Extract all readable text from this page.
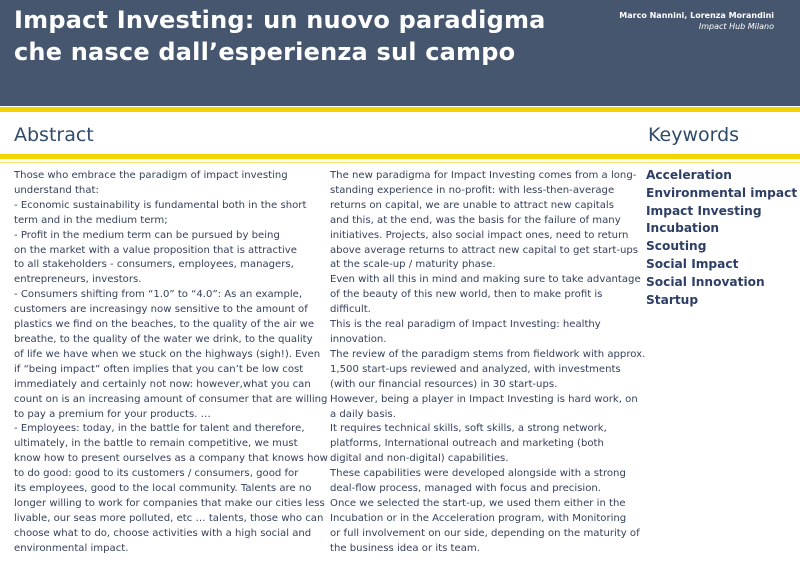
Impact Investing: un nuovo paradigma
che nasce dall’esperienza sul campo
Marco Nannini, Lorenza Morandini
Impact Hub Milano
Abstract	Keywords

Those who embrace the paradigm of impact investing

understand that:

- Economic sustainability is fundamental both in the short

term and in the medium term;

- Profit in the medium term can be pursued by being

on the market with a value proposition that is attractive

to all stakeholders - consumers, employees, managers,

entrepreneurs, investors.

- Consumers shifting from “1.0” to “4.0”: As an example,

customers are increasingy now sensitive to the amount of

plastics we find on the beaches, to the quality of the air we

breathe, to the quality of the water we drink, to the quality

of life we have when we stuck on the highways (sigh!). Even

if “being impact” often implies that you can’t be low cost

immediately and certainly not now: however,what you can

count on is an increasing amount of consumer that are willing

to pay a premium for your products. …

- Employees: today, in the battle for talent and therefore,

ultimately, in the battle to remain competitive, we must

know how to present ourselves as a company that knows how

to do good: good to its customers / consumers, good for

its employees, good to the local community. Talents are no

longer willing to work for companies that make our cities less

livable, our seas more polluted, etc … talents, those who can

choose what to do, choose activities with a high social and

environmental impact.

The new paradigma for Impact Investing comes from a long-

standing experience in no-profit: with less-then-average

returns on capital, we are unable to attract new capitals

and this, at the end, was the basis for the failure of many

initiatives. Projects, also social impact ones, need to return

above average returns to attract new capital to get start-ups

at the scale-up / maturity phase.

Even with all this in mind and making sure to take advantage

of the beauty of this new world, then to make profit is

difficult.

This is the real paradigm of Impact Investing: healthy

innovation.

The review of the paradigm stems from fieldwork with approx.

1,500 start-ups reviewed and analyzed, with investments

(with our financial resources) in 30 start-ups.

However, being a player in Impact Investing is hard work, on

a daily basis.

It requires technical skills, soft skills, a strong network,

platforms, International outreach and marketing (both

digital and non-digital) capabilities.

These capabilities were developed alongside with a strong

deal-flow process, managed with focus and precision.

Once we selected the start-up, we used them either in the

Incubation or in the Acceleration program, with Monitoring

or full involvement on our side, depending on the maturity of

the business idea or its team.

Acceleration
Environmental impact
Impact Investing
Incubation
Scouting
Social Impact
Social Innovation
Startup
